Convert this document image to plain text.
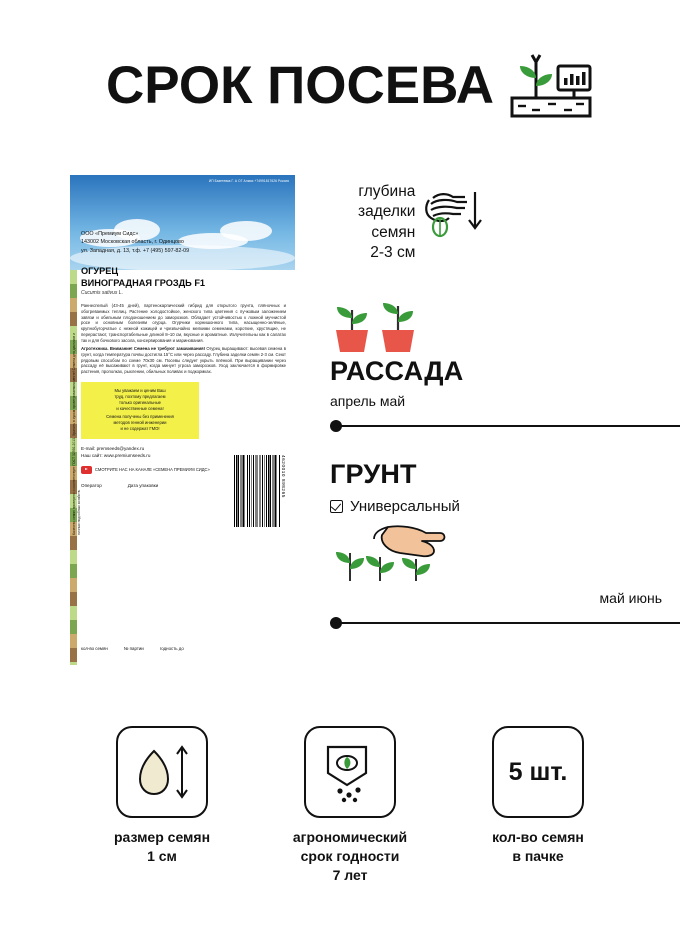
СРОК ПОСЕВА
ИП Базетевка Г. А ОГ Алмаз +74991817626 Россия
Качество семян проверено и соответствует ГОСТ 32592-2013. Хранить в сухом проветриваемом месте! Семена для дачников и личных подсобных хозяйств.
ООО «Премиум Сидс»
143002 Московская область, г. Одинцово
ул. Западная, д. 13, т.ф. +7 (495) 597-82-09
ОГУРЕЦ
ВИНОГРАДНАЯ ГРОЗДЬ F1
Cucumis sativus L.

Раннеспелый (43-45 дней), партенокарпический гибрид для открытого грунта, плёночных и обогреваемых теплиц. Растение холодостойкое, женского типа цветения с пучковым заложением завязи и обильным плодоношением до заморозков. Обладает устойчивостью к ложной мучнистой росе и основным болезням огурца. Огурчики корнишонного типа, насыщенно-зелёные, крупнобугорчатые с нежной кожицей и чрезвычайно мелкими семенами, короткие, хрустящие, не перерастают, транспортабельные длиной 8–10 см, вкусные и ароматные. Излучительны как в салатах так и для бочкового засола, консервирования и маринования.

Агротехника. Внимание! Семена не требуют замачивания! Огурец выращивают: высевая семена в грунт, когда температура почвы достигла 15°С или через рассаду. Глубина заделки семян 2-3 см. Сеют рядовым способом по схеме 70х30 см. Посевы следует укрыть плёнкой. При выращивании через рассаду её высаживают в грунт, когда минует угроза заморозков. Уход заключается в формировке растения, прополках, рыхлении, обильных поливах и подкормках.

Мы уважаем и ценим Ваш
труд, поэтому предлагаем
только оригинальные
и качественные семена!
Семена получены без применения
методов генной инженерии
и не содержат ГМО!
E-mail: premseeds@yandex.ru
Наш сайт: www.premiumseeds.ru
СМОТРИТЕ НАС НА КАНАЛЕ «СЕМЕНА ПРЕМИУМ СИДС»
Оператор	Дата упаковки	4620010 898265
кол-во семян	№ партии	годность до
глубина
заделки
семян
2-3 см
РАССАДА
апрель май
ГРУНТ
Универсальный
май июнь
размер семян
1 см
агрономический
срок годности
7 лет
5 шт.
кол-во семян
в пачке
